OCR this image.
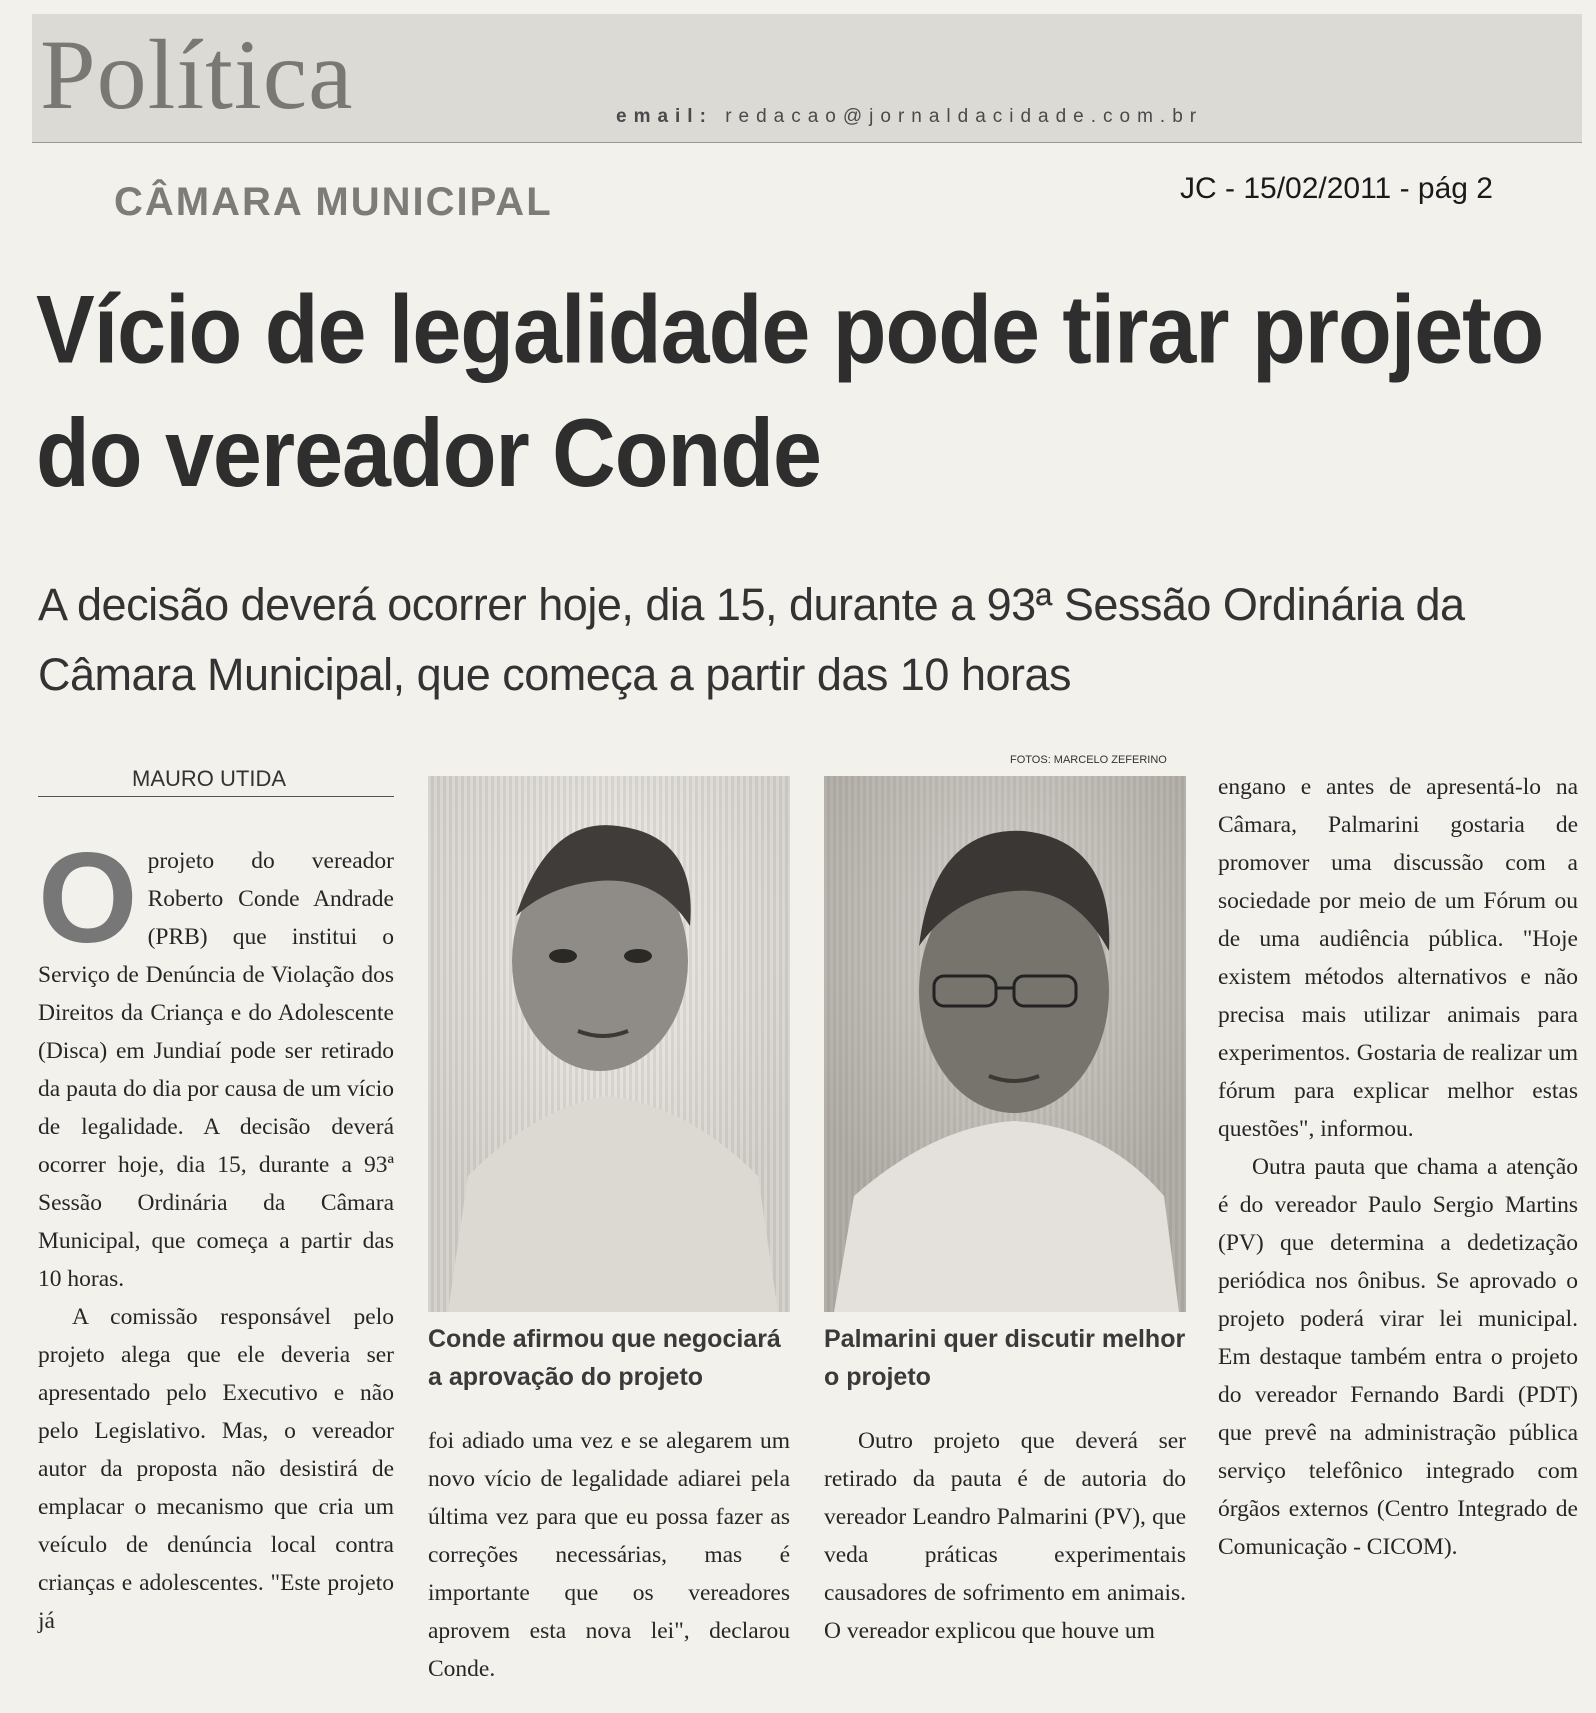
Política	email: redacao@jornaldacidade.com.br

CÂMARA MUNICIPAL	JC - 15/02/2011 - pág 2

Vício de legalidade pode tirar projeto do vereador Conde

A decisão deverá ocorrer hoje, dia 15, durante a 93ª Sessão Ordinária da Câmara Municipal, que começa a partir das 10 horas

MAURO UTIDA

Oprojeto do vereador Roberto Conde Andrade (PRB) que institui o Serviço de Denúncia de Violação dos Direitos da Criança e do Adolescente (Disca) em Jundiaí pode ser retirado da pauta do dia por causa de um vício de legalidade. A decisão deverá ocorrer hoje, dia 15, durante a 93ª Sessão Ordinária da Câmara Municipal, que começa a partir das 10 horas.

A comissão responsável pelo projeto alega que ele deveria ser apresentado pelo Executivo e não pelo Legislativo. Mas, o vereador autor da proposta não desistirá de emplacar o mecanismo que cria um veículo de denúncia local contra crianças e adolescentes. "Este projeto já

FOTOS: MARCELO ZEFERINO

Conde afirmou que negociará a aprovação do projeto

Palmarini quer discutir melhor o projeto

foi adiado uma vez e se alegarem um novo vício de legalidade adiarei pela última vez para que eu possa fazer as correções necessárias, mas é importante que os vereadores aprovem esta nova lei", declarou Conde.

Outro projeto que deverá ser retirado da pauta é de autoria do vereador Leandro Palmarini (PV), que veda práticas experimentais causadores de sofrimento em animais. O vereador explicou que houve um

engano e antes de apresentá-lo na Câmara, Palmarini gostaria de promover uma discussão com a sociedade por meio de um Fórum ou de uma audiência pública. "Hoje existem métodos alternativos e não precisa mais utilizar animais para experimentos. Gostaria de realizar um fórum para explicar melhor estas questões", informou.

Outra pauta que chama a atenção é do vereador Paulo Sergio Martins (PV) que determina a dedetização periódica nos ônibus. Se aprovado o projeto poderá virar lei municipal. Em destaque também entra o projeto do vereador Fernando Bardi (PDT) que prevê na administração pública serviço telefônico integrado com órgãos externos (Centro Integrado de Comunicação - CICOM).
